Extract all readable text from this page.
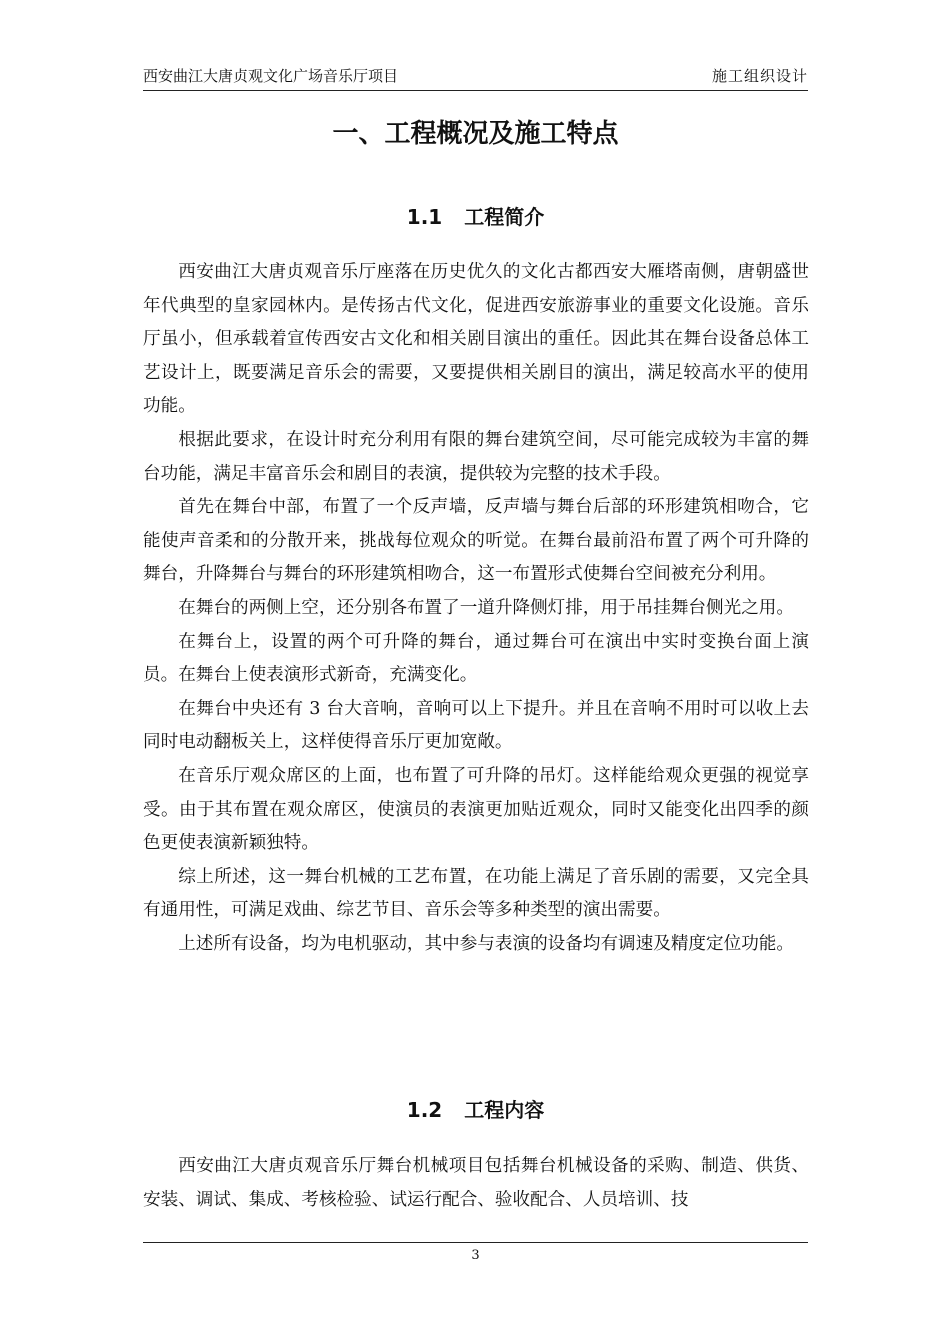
西安曲江大唐贞观文化广场音乐厅项目	施工组织设计
一、工程概况及施工特点
1.1 工程简介

西安曲江大唐贞观音乐厅座落在历史优久的文化古都西安大雁塔南侧，唐朝盛世年代典型的皇家园林内。是传扬古代文化，促进西安旅游事业的重要文化设施。音乐厅虽小，但承载着宣传西安古文化和相关剧目演出的重任。因此其在舞台设备总体工艺设计上，既要满足音乐会的需要，又要提供相关剧目的演出，满足较高水平的使用功能。

根据此要求，在设计时充分利用有限的舞台建筑空间，尽可能完成较为丰富的舞台功能，满足丰富音乐会和剧目的表演，提供较为完整的技术手段。

首先在舞台中部，布置了一个反声墙，反声墙与舞台后部的环形建筑相吻合，它能使声音柔和的分散开来，挑战每位观众的听觉。在舞台最前沿布置了两个可升降的舞台，升降舞台与舞台的环形建筑相吻合，这一布置形式使舞台空间被充分利用。

在舞台的两侧上空，还分别各布置了一道升降侧灯排，用于吊挂舞台侧光之用。

在舞台上，设置的两个可升降的舞台，通过舞台可在演出中实时变换台面上演员。在舞台上使表演形式新奇，充满变化。

在舞台中央还有 3 台大音响，音响可以上下提升。并且在音响不用时可以收上去同时电动翻板关上，这样使得音乐厅更加宽敞。

在音乐厅观众席区的上面，也布置了可升降的吊灯。这样能给观众更强的视觉享受。由于其布置在观众席区，使演员的表演更加贴近观众，同时又能变化出四季的颜色更使表演新颖独特。

综上所述，这一舞台机械的工艺布置，在功能上满足了音乐剧的需要，又完全具有通用性，可满足戏曲、综艺节目、音乐会等多种类型的演出需要。

上述所有设备，均为电机驱动，其中参与表演的设备均有调速及精度定位功能。

1.2 工程内容

西安曲江大唐贞观音乐厅舞台机械项目包括舞台机械设备的采购、制造、供货、安装、调试、集成、考核检验、试运行配合、验收配合、人员培训、技

3
